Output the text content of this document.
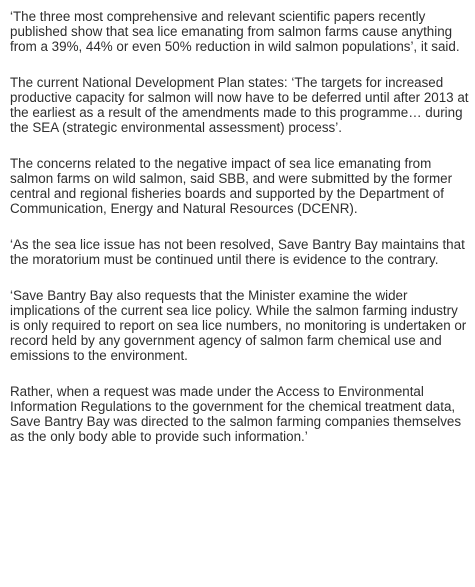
‘The three most comprehensive and relevant scientific papers recently published show that sea lice emanating from salmon farms cause anything from a 39%, 44% or even 50% reduction in wild salmon populations’, it said.

The current National Development Plan states: ‘The targets for increased productive capacity for salmon will now have to be deferred until after 2013 at the earliest as a result of the amendments made to this programme… during the SEA (strategic environmental assessment) process’.

The concerns related to the negative impact of sea lice emanating from salmon farms on wild salmon, said SBB, and were submitted by the former central and regional fisheries boards and supported by the Department of Communication, Energy and Natural Resources (DCENR).

‘As the sea lice issue has not been resolved, Save Bantry Bay maintains that the moratorium must be continued until there is evidence to the contrary.

‘Save Bantry Bay also requests that the Minister examine the wider implications of the current sea lice policy. While the salmon farming industry is only required to report on sea lice numbers, no monitoring is undertaken or record held by any government agency of salmon farm chemical use and emissions to the environment.

Rather, when a request was made under the Access to Environmental Information Regulations to the government for the chemical treatment data, Save Bantry Bay was directed to the salmon farming companies themselves as the only body able to provide such information.’
